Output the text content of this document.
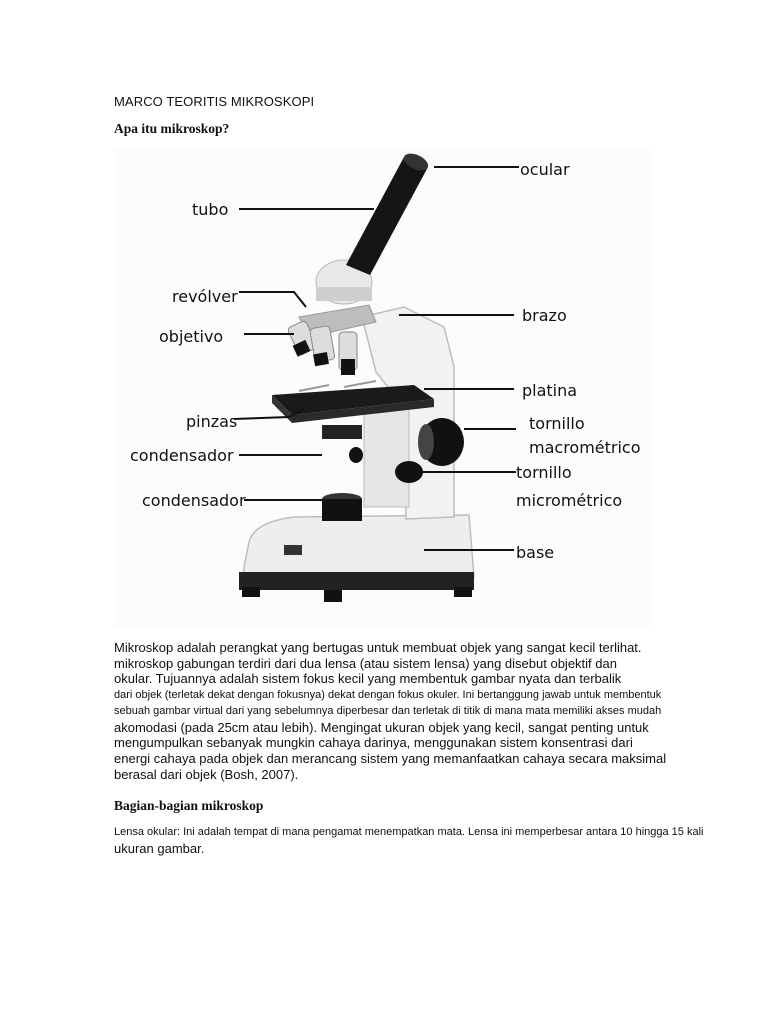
MARCO TEORITIS MIKROSKOPI
Apa itu mikroskop?
ocular
tubo
revólver
objetivo
brazo
platina
pinzas	tornillo
macrométrico
condensador
tornillo
micrométrico
condensador
base
Mikroskop adalah perangkat yang bertugas untuk membuat objek yang sangat kecil terlihat.
mikroskop gabungan terdiri dari dua lensa (atau sistem lensa) yang disebut objektif dan
okular. Tujuannya adalah sistem fokus kecil yang membentuk gambar nyata dan terbalik
dari objek (terletak dekat dengan fokusnya) dekat dengan fokus okuler. Ini bertanggung jawab untuk membentuk
sebuah gambar virtual dari yang sebelumnya diperbesar dan terletak di titik di mana mata memiliki akses mudah
akomodasi (pada 25cm atau lebih). Mengingat ukuran objek yang kecil, sangat penting untuk
mengumpulkan sebanyak mungkin cahaya darinya, menggunakan sistem konsentrasi dari
energi cahaya pada objek dan merancang sistem yang memanfaatkan cahaya secara maksimal
berasal dari objek (Bosh, 2007).
Bagian-bagian mikroskop
Lensa okular: Ini adalah tempat di mana pengamat menempatkan mata. Lensa ini memperbesar antara 10 hingga 15 kali
ukuran gambar.
